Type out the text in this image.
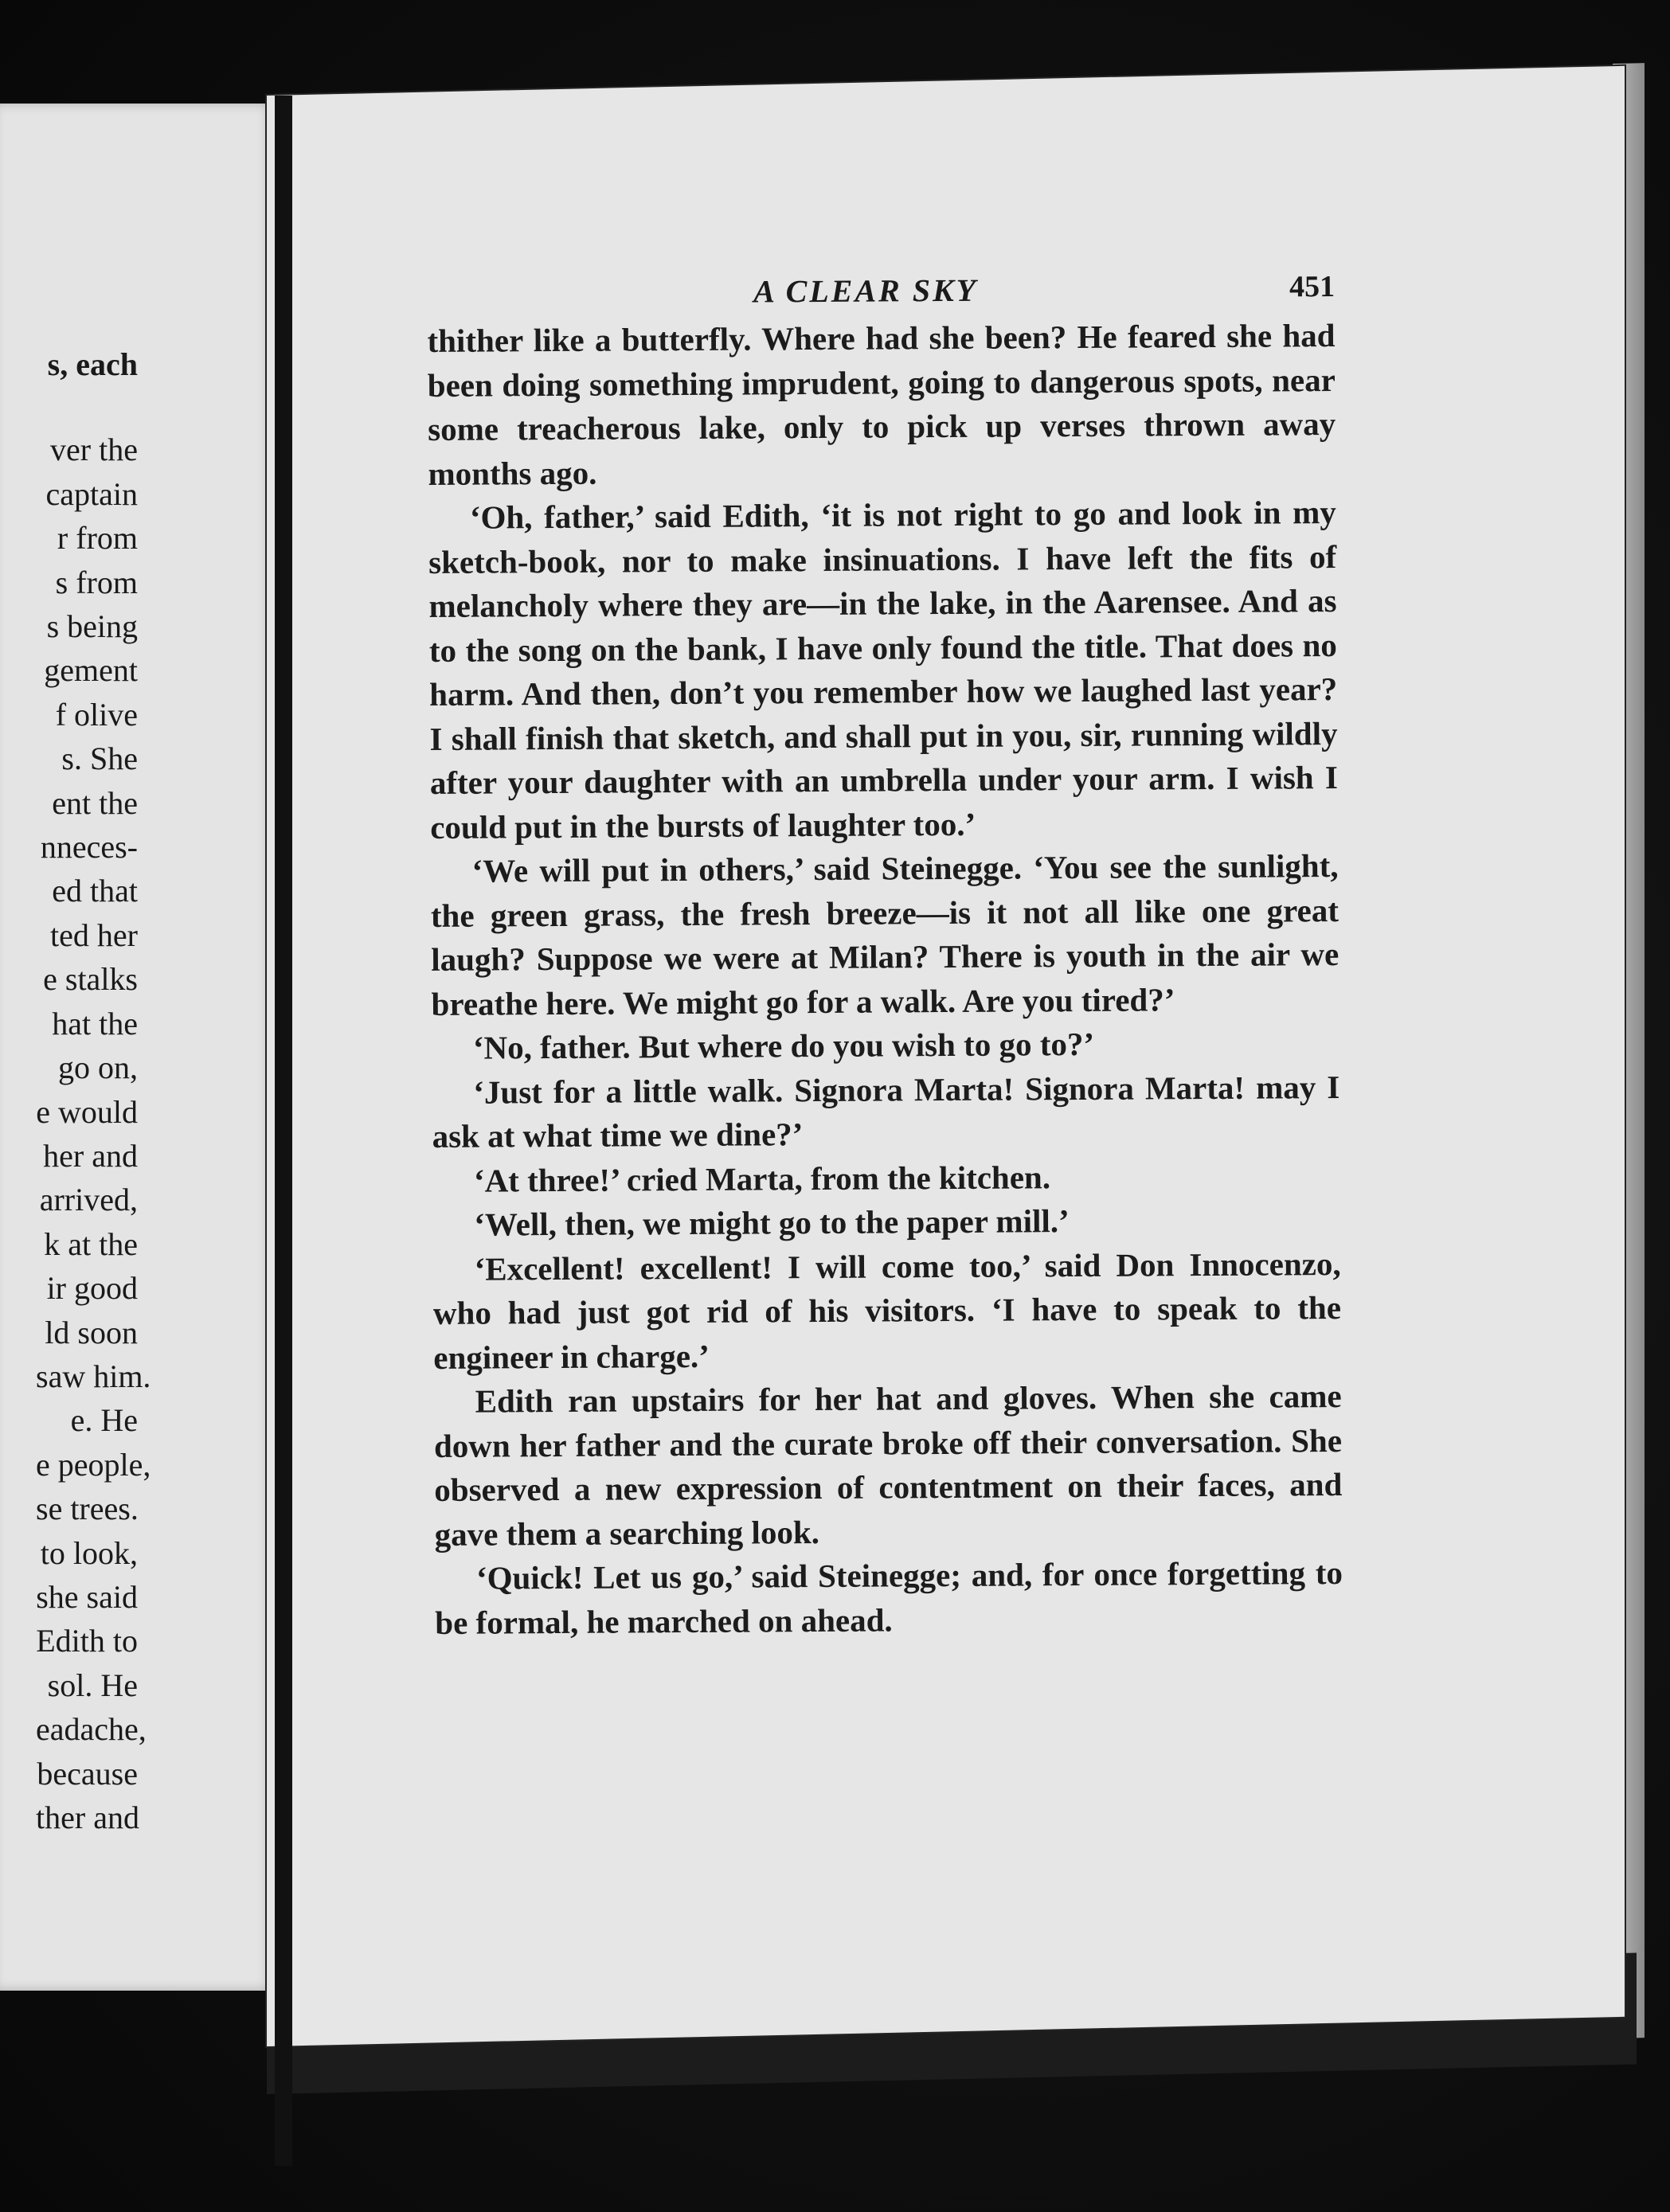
s, each
ver the
captain
r from
s from
s being
gement
f olive
s. She
ent the
nneces-
ed that
ted her
e stalks
hat the
go on,
e would
her and
arrived,
k at the
ir good
ld soon
saw him.
e. He
e people,
se trees.
to look,
she said
Edith to
sol. He
eadache,
because
ther and
A CLEAR SKY	451

thither like a butterfly. Where had she been? He feared she had been doing something imprudent, going to dangerous spots, near some treacherous lake, only to pick up verses thrown away months ago.

‘Oh, father,’ said Edith, ‘it is not right to go and look in my sketch-book, nor to make insinuations. I have left the fits of melancholy where they are—in the lake, in the Aarensee. And as to the song on the bank, I have only found the title. That does no harm. And then, don’t you remember how we laughed last year? I shall finish that sketch, and shall put in you, sir, running wildly after your daughter with an umbrella under your arm. I wish I could put in the bursts of laughter too.’

‘We will put in others,’ said Steinegge. ‘You see the sunlight, the green grass, the fresh breeze—is it not all like one great laugh? Suppose we were at Milan? There is youth in the air we breathe here. We might go for a walk. Are you tired?’

‘No, father. But where do you wish to go to?’

‘Just for a little walk. Signora Marta! Signora Marta! may I ask at what time we dine?’

‘At three!’ cried Marta, from the kitchen.

‘Well, then, we might go to the paper mill.’

‘Excellent! excellent! I will come too,’ said Don Innocenzo, who had just got rid of his visitors. ‘I have to speak to the engineer in charge.’

Edith ran upstairs for her hat and gloves. When she came down her father and the curate broke off their conversation. She observed a new expression of contentment on their faces, and gave them a searching look.

‘Quick! Let us go,’ said Steinegge; and, for once forgetting to be formal, he marched on ahead.
